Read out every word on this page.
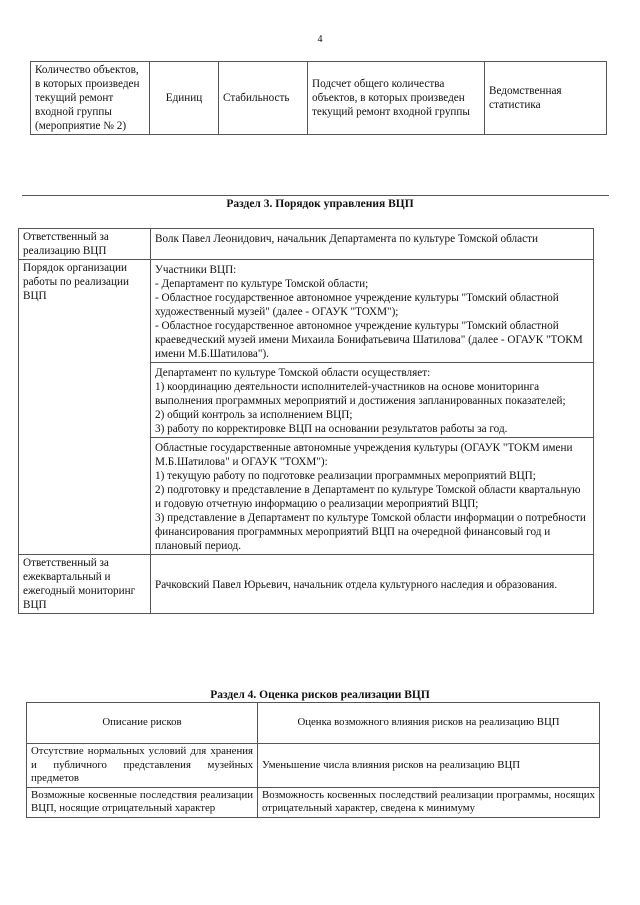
4
Количество объектов, в которых произведен текущий ремонт входной группы (мероприятие № 2)	Единиц	Стабильность	Подсчет общего количества объектов, в которых произведен текущий ремонт входной группы	Ведомственная статистика
Раздел 3. Порядок управления ВЦП
Ответственный за реализацию ВЦП	Волк Павел Леонидович, начальник Департамента по культуре Томской области
Порядок организации работы по реализации ВЦП	Участники ВЦП:
- Департамент по культуре Томской области;
- Областное государственное автономное учреждение культуры "Томский областной художественный музей" (далее - ОГАУК "ТОХМ");
- Областное государственное автономное учреждение культуры "Томский областной краеведческий музей имени Михаила Бонифатьевича Шатилова" (далее - ОГАУК "ТОКМ имени М.Б.Шатилова").

	Департамент по культуре Томской области осуществляет:
1) координацию деятельности исполнителей-участников на основе мониторинга выполнения программных мероприятий и достижения запланированных показателей;
2) общий контроль за исполнением ВЦП;
3) работу по корректировке ВЦП на основании результатов работы за год.

	Областные государственные автономные учреждения культуры (ОГАУК "ТОКМ имени М.Б.Шатилова" и ОГАУК "ТОХМ"):
1) текущую работу по подготовке реализации программных мероприятий ВЦП;
2) подготовку и представление в Департамент по культуре Томской области квартальную и годовую отчетную информацию о реализации мероприятий ВЦП;
3) представление в Департамент по культуре Томской области информации о потребности финансирования программных мероприятий ВЦП на очередной финансовый год и плановый период.

Ответственный за ежеквартальный и ежегодный мониторинг ВЦП	Рачковский Павел Юрьевич, начальник отдела культурного наследия и образования.
Раздел 4. Оценка рисков реализации ВЦП
Описание рисков	Оценка возможного влияния рисков на реализацию ВЦП
Отсутствие нормальных условий для хранения и публичного представления музейных предметов	Уменьшение числа влияния рисков на реализацию ВЦП
Возможные косвенные последствия реализации ВЦП, носящие отрицательный характер	Возможность косвенных последствий реализации программы, носящих отрицательный характер, сведена к минимуму
